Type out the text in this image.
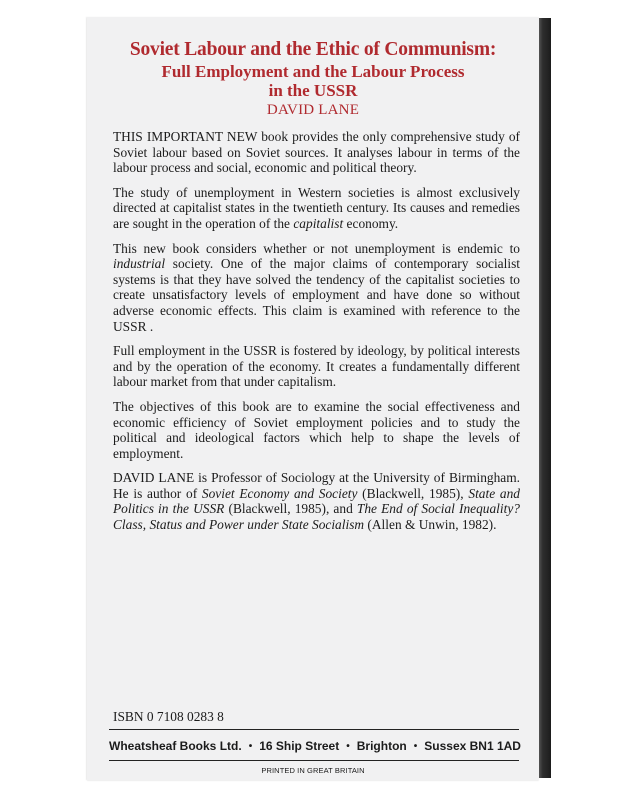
Soviet Labour and the Ethic of Communism:
Full Employment and the Labour Process
in the USSR
DAVID LANE

THIS IMPORTANT NEW book provides the only comprehensive study of Soviet labour based on Soviet sources. It analyses labour in terms of the labour process and social, economic and political theory.

The study of unemployment in Western societies is almost exclusively directed at capitalist states in the twentieth century. Its causes and remedies are sought in the operation of the capitalist economy.

This new book considers whether or not unemployment is endemic to industrial society. One of the major claims of contemporary socialist systems is that they have solved the tendency of the capitalist societies to create unsatisfactory levels of employment and have done so without adverse economic effects. This claim is examined with reference to the USSR .

Full employment in the USSR is fostered by ideology, by political interests and by the operation of the economy. It creates a fundamentally different labour market from that under capitalism.

The objectives of this book are to examine the social effectiveness and economic efficiency of Soviet employment policies and to study the political and ideological factors which help to shape the levels of employment.

DAVID LANE is Professor of Sociology at the University of Birmingham. He is author of Soviet Economy and Society (Blackwell, 1985), State and Politics in the USSR (Blackwell, 1985), and The End of Social Inequality? Class, Status and Power under State Socialism (Allen & Unwin, 1982).

ISBN 0 7108 0283 8
Wheatsheaf Books Ltd. • 16 Ship Street • Brighton • Sussex BN1 1AD
PRINTED IN GREAT BRITAIN
